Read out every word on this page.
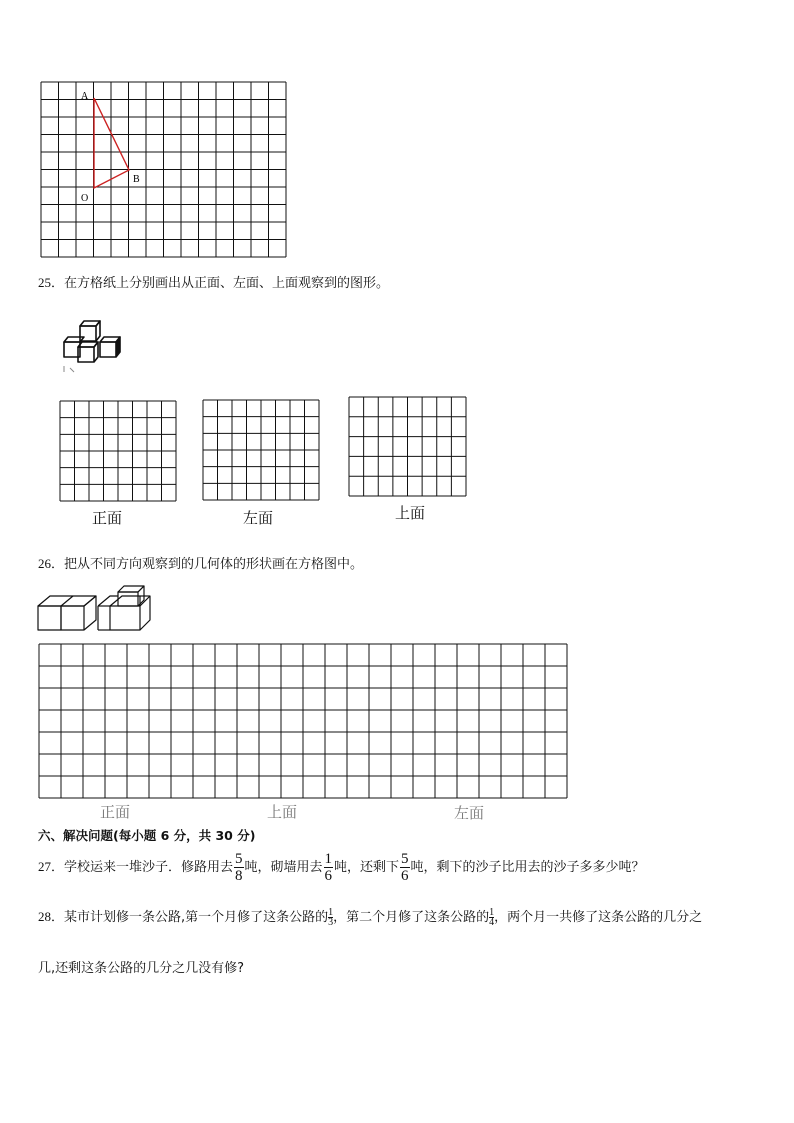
A
B
O
25．在方格纸上分别画出从正面、左面、上面观察到的图形。
正面	左面	上面
26．把从不同方向观察到的几何体的形状画在方格图中。
正面	上面	左面
六、解决问题(每小题 6 分，共 30 分)
27．学校运来一堆沙子．修路用去 $\frac{5}{8}$ 吨，砌墙用去 $\frac{1}{6}$ 吨，还剩下 $\frac{5}{6}$ 吨，剩下的沙子比用去的沙子多多少吨？
28．某市计划修一条公路,第一个月修了这条公路的 $\frac{1}{3}$ ，第二个月修了这条公路的 $\frac{1}{4}$ ，两个月一共修了这条公路的几分之
几,还剩这条公路的几分之几没有修?
